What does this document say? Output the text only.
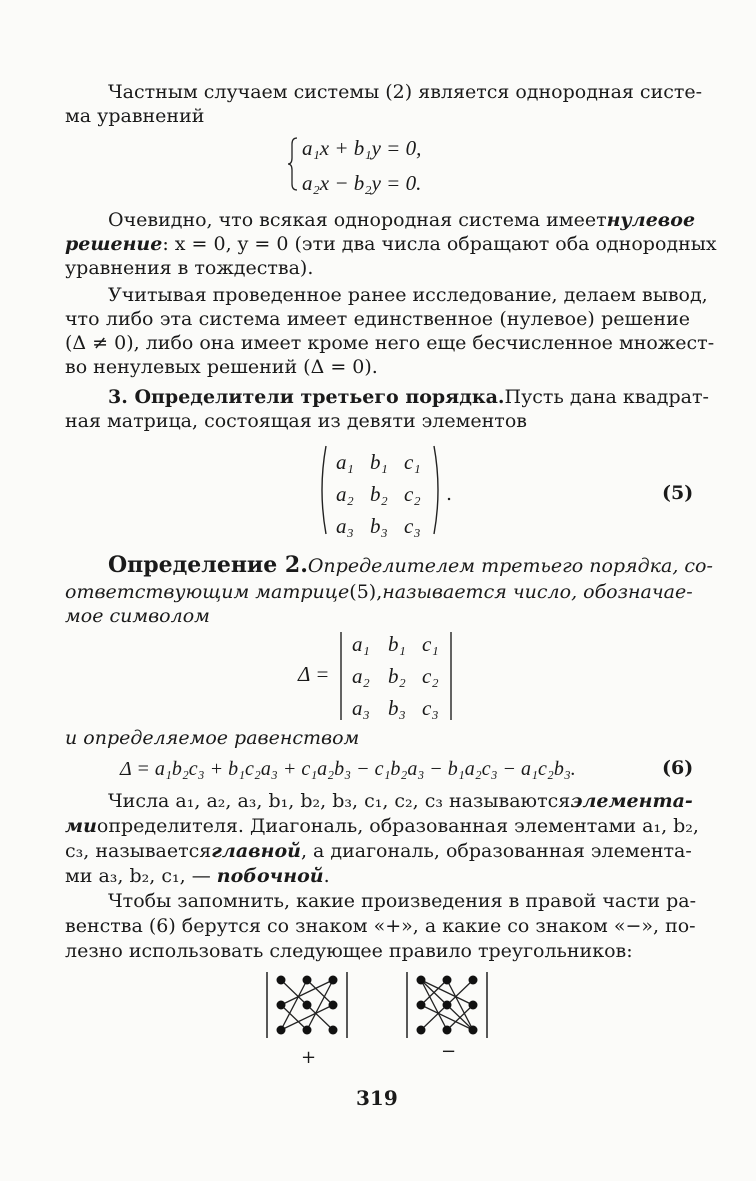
Частным случаем системы (2) является однородная систе-
ма уравнений
a₁x + b₁y = 0,
a₂x − b₂y = 0.
Очевидно, что всякая однородная система имеет нулевое
решение: x = 0, y = 0 (эти два числа обращают оба однородных
уравнения в тождества).
Учитывая проведенное ранее исследование, делаем вывод,
что либо эта система имеет единственное (нулевое) решение
(Δ ≠ 0), либо она имеет кроме него еще бесчисленное множест-
во ненулевых решений (Δ = 0).
3. Определители третьего порядка. Пусть дана квадрат-
ная матрица, состоящая из девяти элементов
a₁ b₁ c₁
a₂ b₂ c₂
a₃ b₃ c₃
.	(5)
Определение 2. Определителем третьего порядка, со-
ответствующим матрице (5), называется число, обозначае-
мое символом
Δ =
a₁ b₁ c₁
a₂ b₂ c₂
a₃ b₃ c₃
и определяемое равенством
Δ = a₁b₂c₃ + b₁c₂a₃ + c₁a₂b₃ − c₁b₂a₃ − b₁a₂c₃ − a₁c₂b₃.	(6)
Числа a₁, a₂, a₃, b₁, b₂, b₃, c₁, c₂, c₃ называются элемента-
ми определителя. Диагональ, образованная элементами a₁, b₂,
c₃, называется главной , а диагональ, образованная элемента-
ми a₃, b₂, c₁, — побочной.
Чтобы запомнить, какие произведения в правой части ра-
венства (6) берутся со знаком «+», а какие со знаком «−», по-
лезно использовать следующее правило треугольников:
+	−
319
